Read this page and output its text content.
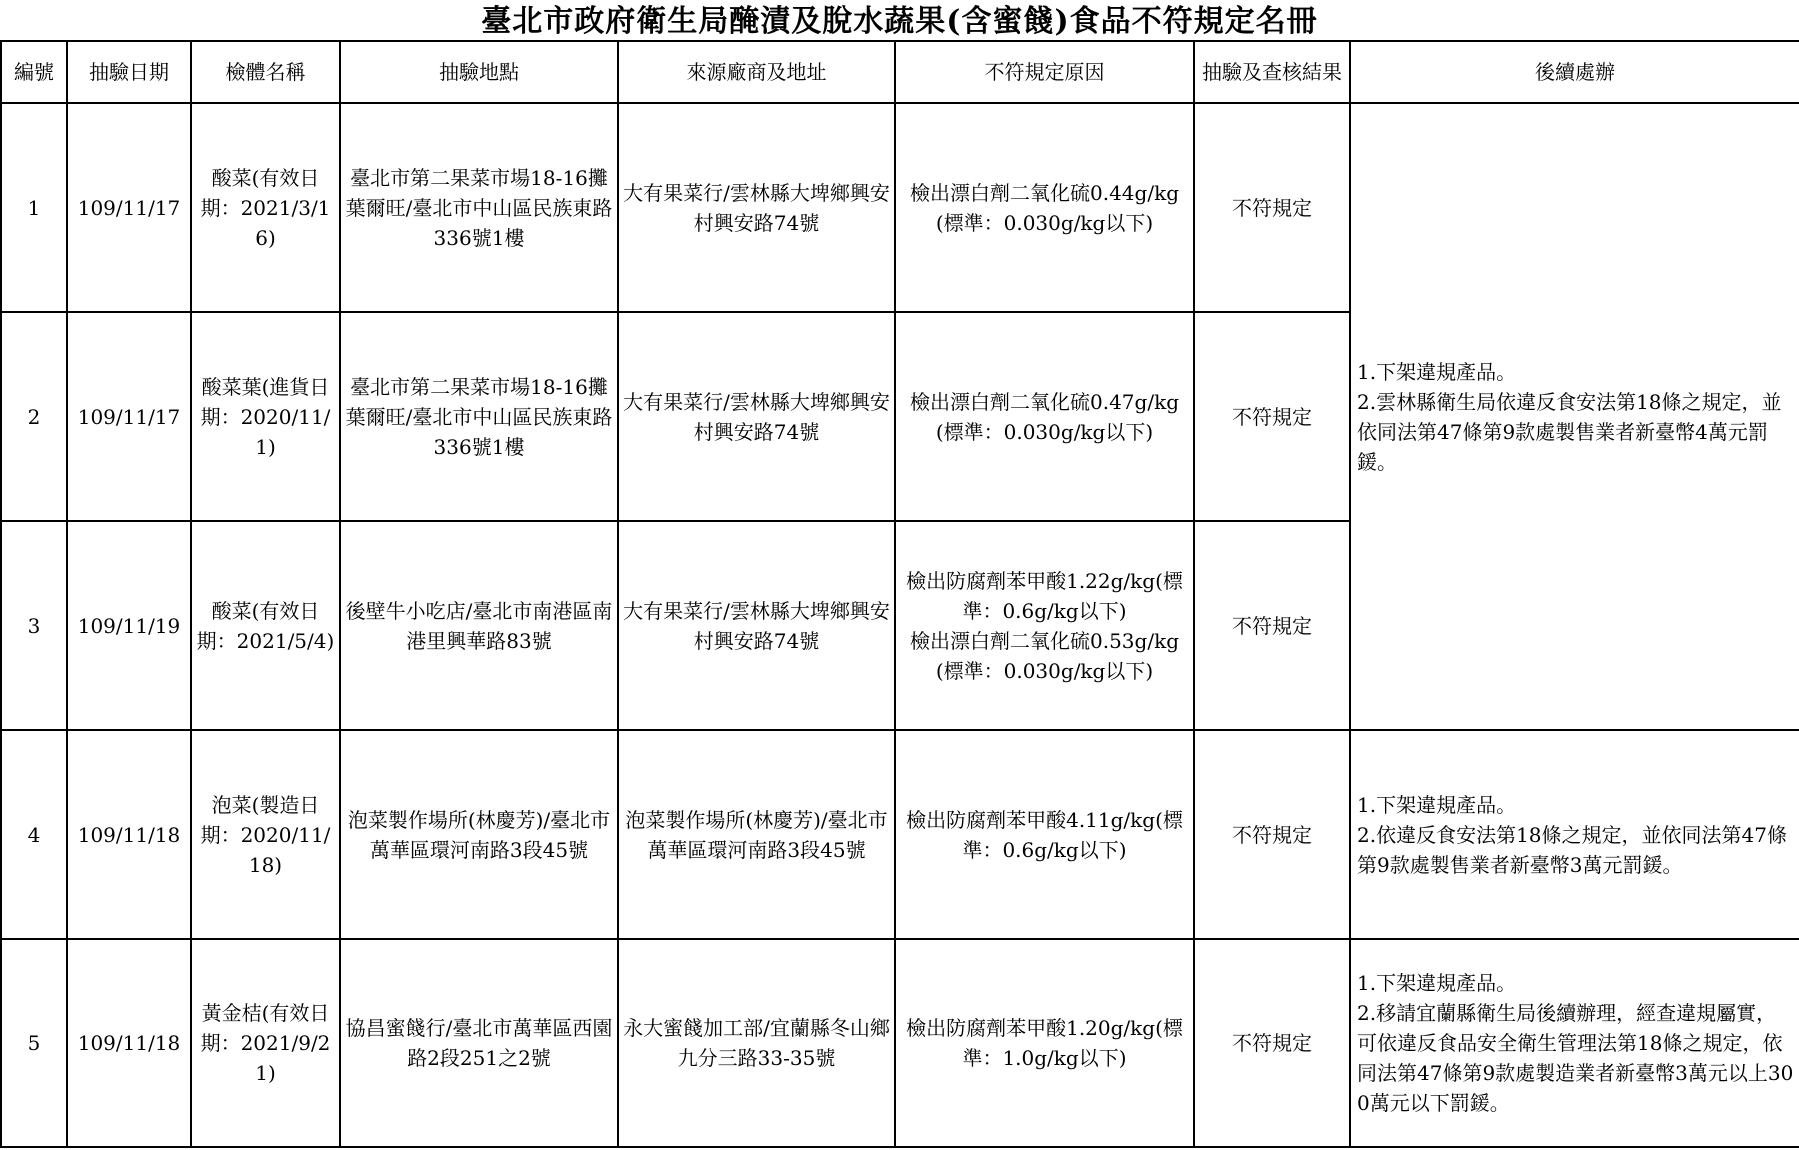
臺北市政府衛生局醃漬及脫水蔬果(含蜜餞)食品不符規定名冊
編號	抽驗日期	檢體名稱	抽驗地點	來源廠商及地址	不符規定原因	抽驗及查核結果	後續處辦
1	109/11/17	酸菜(有效日期：2021/3/16)	臺北市第二果菜市場18-16攤 葉爾旺/臺北市中山區民族東路336號1樓	大有果菜行/雲林縣大埤鄉興安村興安路74號	檢出漂白劑二氧化硫0.44g/kg(標準：0.030g/kg以下)	不符規定	1.下架違規產品。
2.雲林縣衛生局依違反食安法第18條之規定，並依同法第47條第9款處製售業者新臺幣4萬元罰鍰。

2	109/11/17	酸菜葉(進貨日期：2020/11/1)	臺北市第二果菜市場18-16攤 葉爾旺/臺北市中山區民族東路336號1樓	大有果菜行/雲林縣大埤鄉興安村興安路74號	檢出漂白劑二氧化硫0.47g/kg(標準：0.030g/kg以下)	不符規定	
3	109/11/19	酸菜(有效日期：2021/5/4)	後壁牛小吃店/臺北市南港區南港里興華路83號	大有果菜行/雲林縣大埤鄉興安村興安路74號	檢出防腐劑苯甲酸1.22g/kg(標準：0.6g/kg以下)
檢出漂白劑二氧化硫0.53g/kg(標準：0.030g/kg以下)	不符規定	
4	109/11/18	泡菜(製造日期：2020/11/18)	泡菜製作場所(林慶芳)/臺北市萬華區環河南路3段45號	泡菜製作場所(林慶芳)/臺北市萬華區環河南路3段45號	檢出防腐劑苯甲酸4.11g/kg(標準：0.6g/kg以下)	不符規定	1.下架違規產品。
2.依違反食安法第18條之規定，並依同法第47條第9款處製售業者新臺幣3萬元罰鍰。

5	109/11/18	黃金桔(有效日期：2021/9/21)	協昌蜜餞行/臺北市萬華區西園路2段251之2號	永大蜜餞加工部/宜蘭縣冬山鄉九分三路33-35號	檢出防腐劑苯甲酸1.20g/kg(標準：1.0g/kg以下)	不符規定	1.下架違規產品。
2.移請宜蘭縣衛生局後續辦理，經查違規屬實，可依違反食品安全衛生管理法第18條之規定，依同法第47條第9款處製造業者新臺幣3萬元以上300萬元以下罰鍰。
